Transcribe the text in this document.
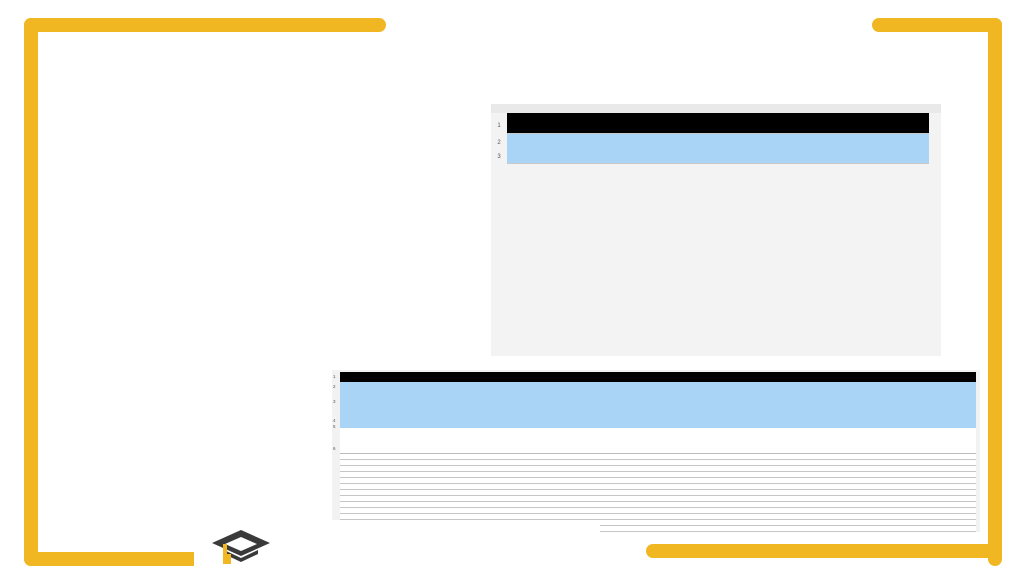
1
2
3
1
2
3
4
5
6
